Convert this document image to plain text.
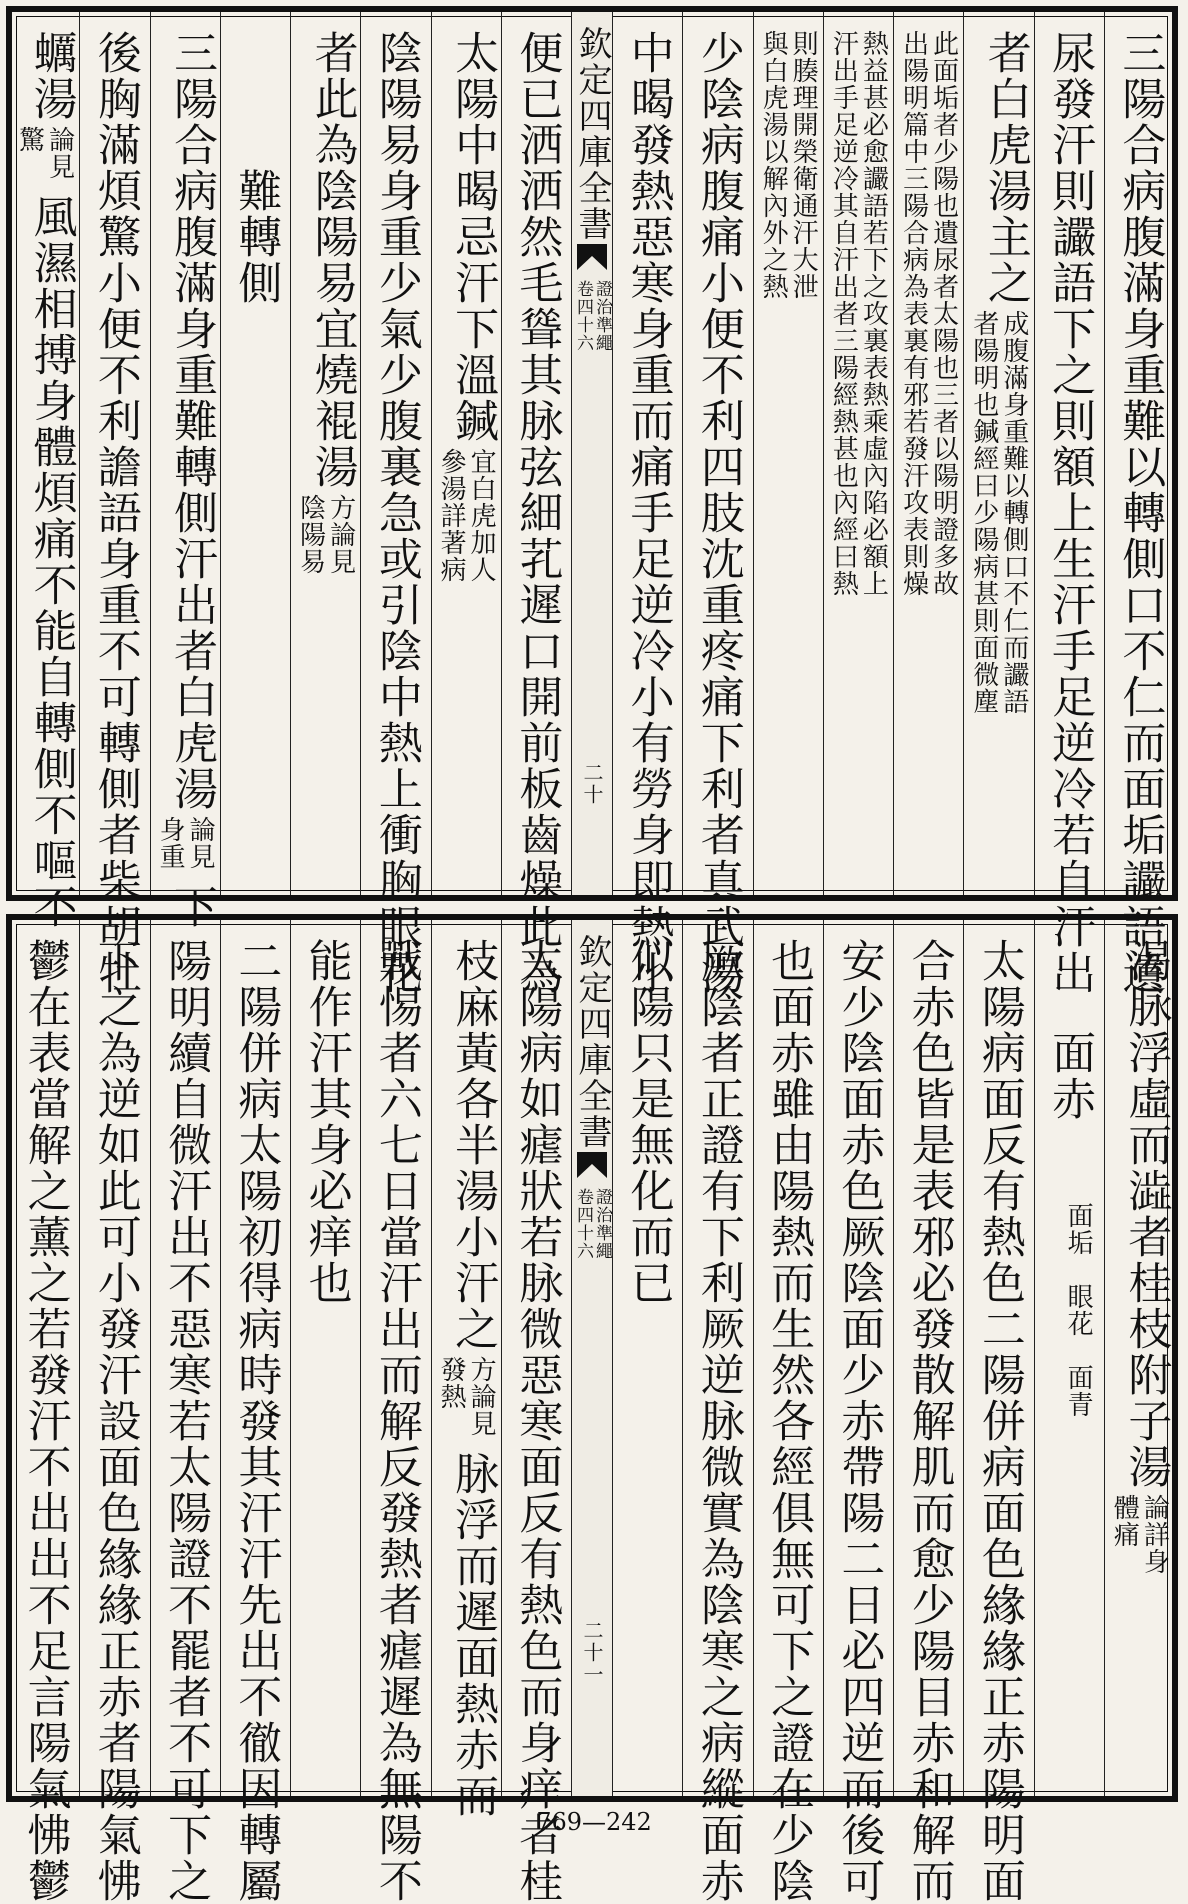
三陽合病腹滿身重難以轉側口不仁而面垢讝語遺
尿發汗則讝語下之則額上生汗手足逆冷若自汗出
者白虎湯主之
成腹滿身重難以轉側口不仁而讝語
者陽明也鍼經曰少陽病甚則面微塵
此面垢者少陽也遺尿者太陽也三者以陽明證多故
出陽明篇中三陽合病為表裏有邪若發汗攻表則燥
熱益甚必愈讝語若下之攻裏表熱乘虛內陷必額上
汗出手足逆冷其自汗出者三陽經熱甚也內經曰熱
則腠理開榮衛通汗大泄
與白虎湯以解內外之熱
少陰病腹痛小便不利四肢沈重疼痛下利者真武湯
中暍發熱惡寒身重而痛手足逆冷小有勞身即熱小
欽定四庫全書
證治準繩
卷四十六
二十
便已洒洒然毛聳其脉弦細芤遲口開前板齒燥此為
太陽中暍忌汗下溫鍼
宜白虎加人
參湯詳著病
陰陽易身重少氣少腹裏急或引陰中熱上衝胸眼花
者此為陰陽易宜燒裩湯
方論見
陰陽易
難轉側
三陽合病腹滿身重難轉側汗出者白虎湯
論見
身重
下
後胸滿煩驚小便不利譫語身重不可轉側者柴胡牡
蠣湯
論見
驚
風濕相搏身體煩痛不能自轉側不嘔不
渴脉浮虛而澁者桂枝附子湯
論詳身
體痛
面赤
面垢　眼花　面青
太陽病面反有熱色二陽併病面色緣緣正赤陽明面
合赤色皆是表邪必發散解肌而愈少陽目赤和解而
安少陰面赤色厥陰面少赤帶陽二日必四逆而後可
也面赤雖由陽熱而生然各經俱無可下之證在少陰
厥陰者正證有下利厥逆脉微實為陰寒之病縱面赤
似陽只是無化而已
欽定四庫全書
證治準繩
卷四十六
二十一
太陽病如瘧狀若脉微惡寒面反有熱色而身痒者桂
枝麻黃各半湯小汗之
方論見
發熱
脉浮而遲面熱赤而
戰惕者六七日當汗出而解反發熱者瘧遲為無陽不
能作汗其身必痒也
二陽併病太陽初得病時發其汗汗先出不徹因轉屬
陽明續自微汗出不惡寒若太陽證不罷者不可下之
下之為逆如此可小發汗設面色緣緣正赤者陽氣怫
鬱在表當解之薰之若發汗不出出不足言陽氣怫鬱	769—242
